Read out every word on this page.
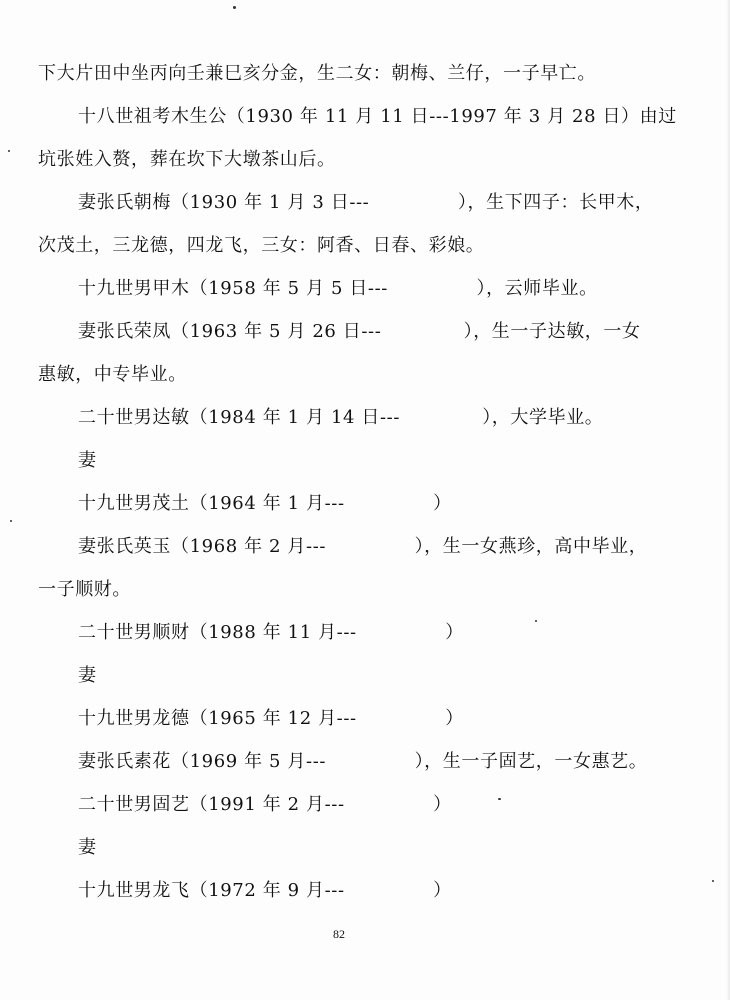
下大片田中坐丙向壬兼巳亥分金，生二女：朝梅、兰仔，一子早亡。
十八世祖考木生公（1930 年 11 月 11 日---1997 年 3 月 28 日）由过
坑张姓入赘，葬在坎下大墩茶山后。
妻张氏朝梅（1930 年 1 月 3 日---              ），生下四子：长甲木，
次茂土，三龙德，四龙飞，三女：阿香、日春、彩娘。
十九世男甲木（1958 年 5 月 5 日---              ），云师毕业。
妻张氏荣凤（1963 年 5 月 26 日---             ），生一子达敏，一女
惠敏，中专毕业。
二十世男达敏（1984 年 1 月 14 日---             ），大学毕业。
妻
十九世男茂土（1964 年 1 月---              ）
妻张氏英玉（1968 年 2 月---              ），生一女燕珍，高中毕业，
一子顺财。
二十世男顺财（1988 年 11 月---              ）
妻
十九世男龙德（1965 年 12 月---              ）
妻张氏素花（1969 年 5 月---              ），生一子固艺，一女惠艺。
二十世男固艺（1991 年 2 月---              ）
妻
十九世男龙飞（1972 年 9 月---              ）
82
